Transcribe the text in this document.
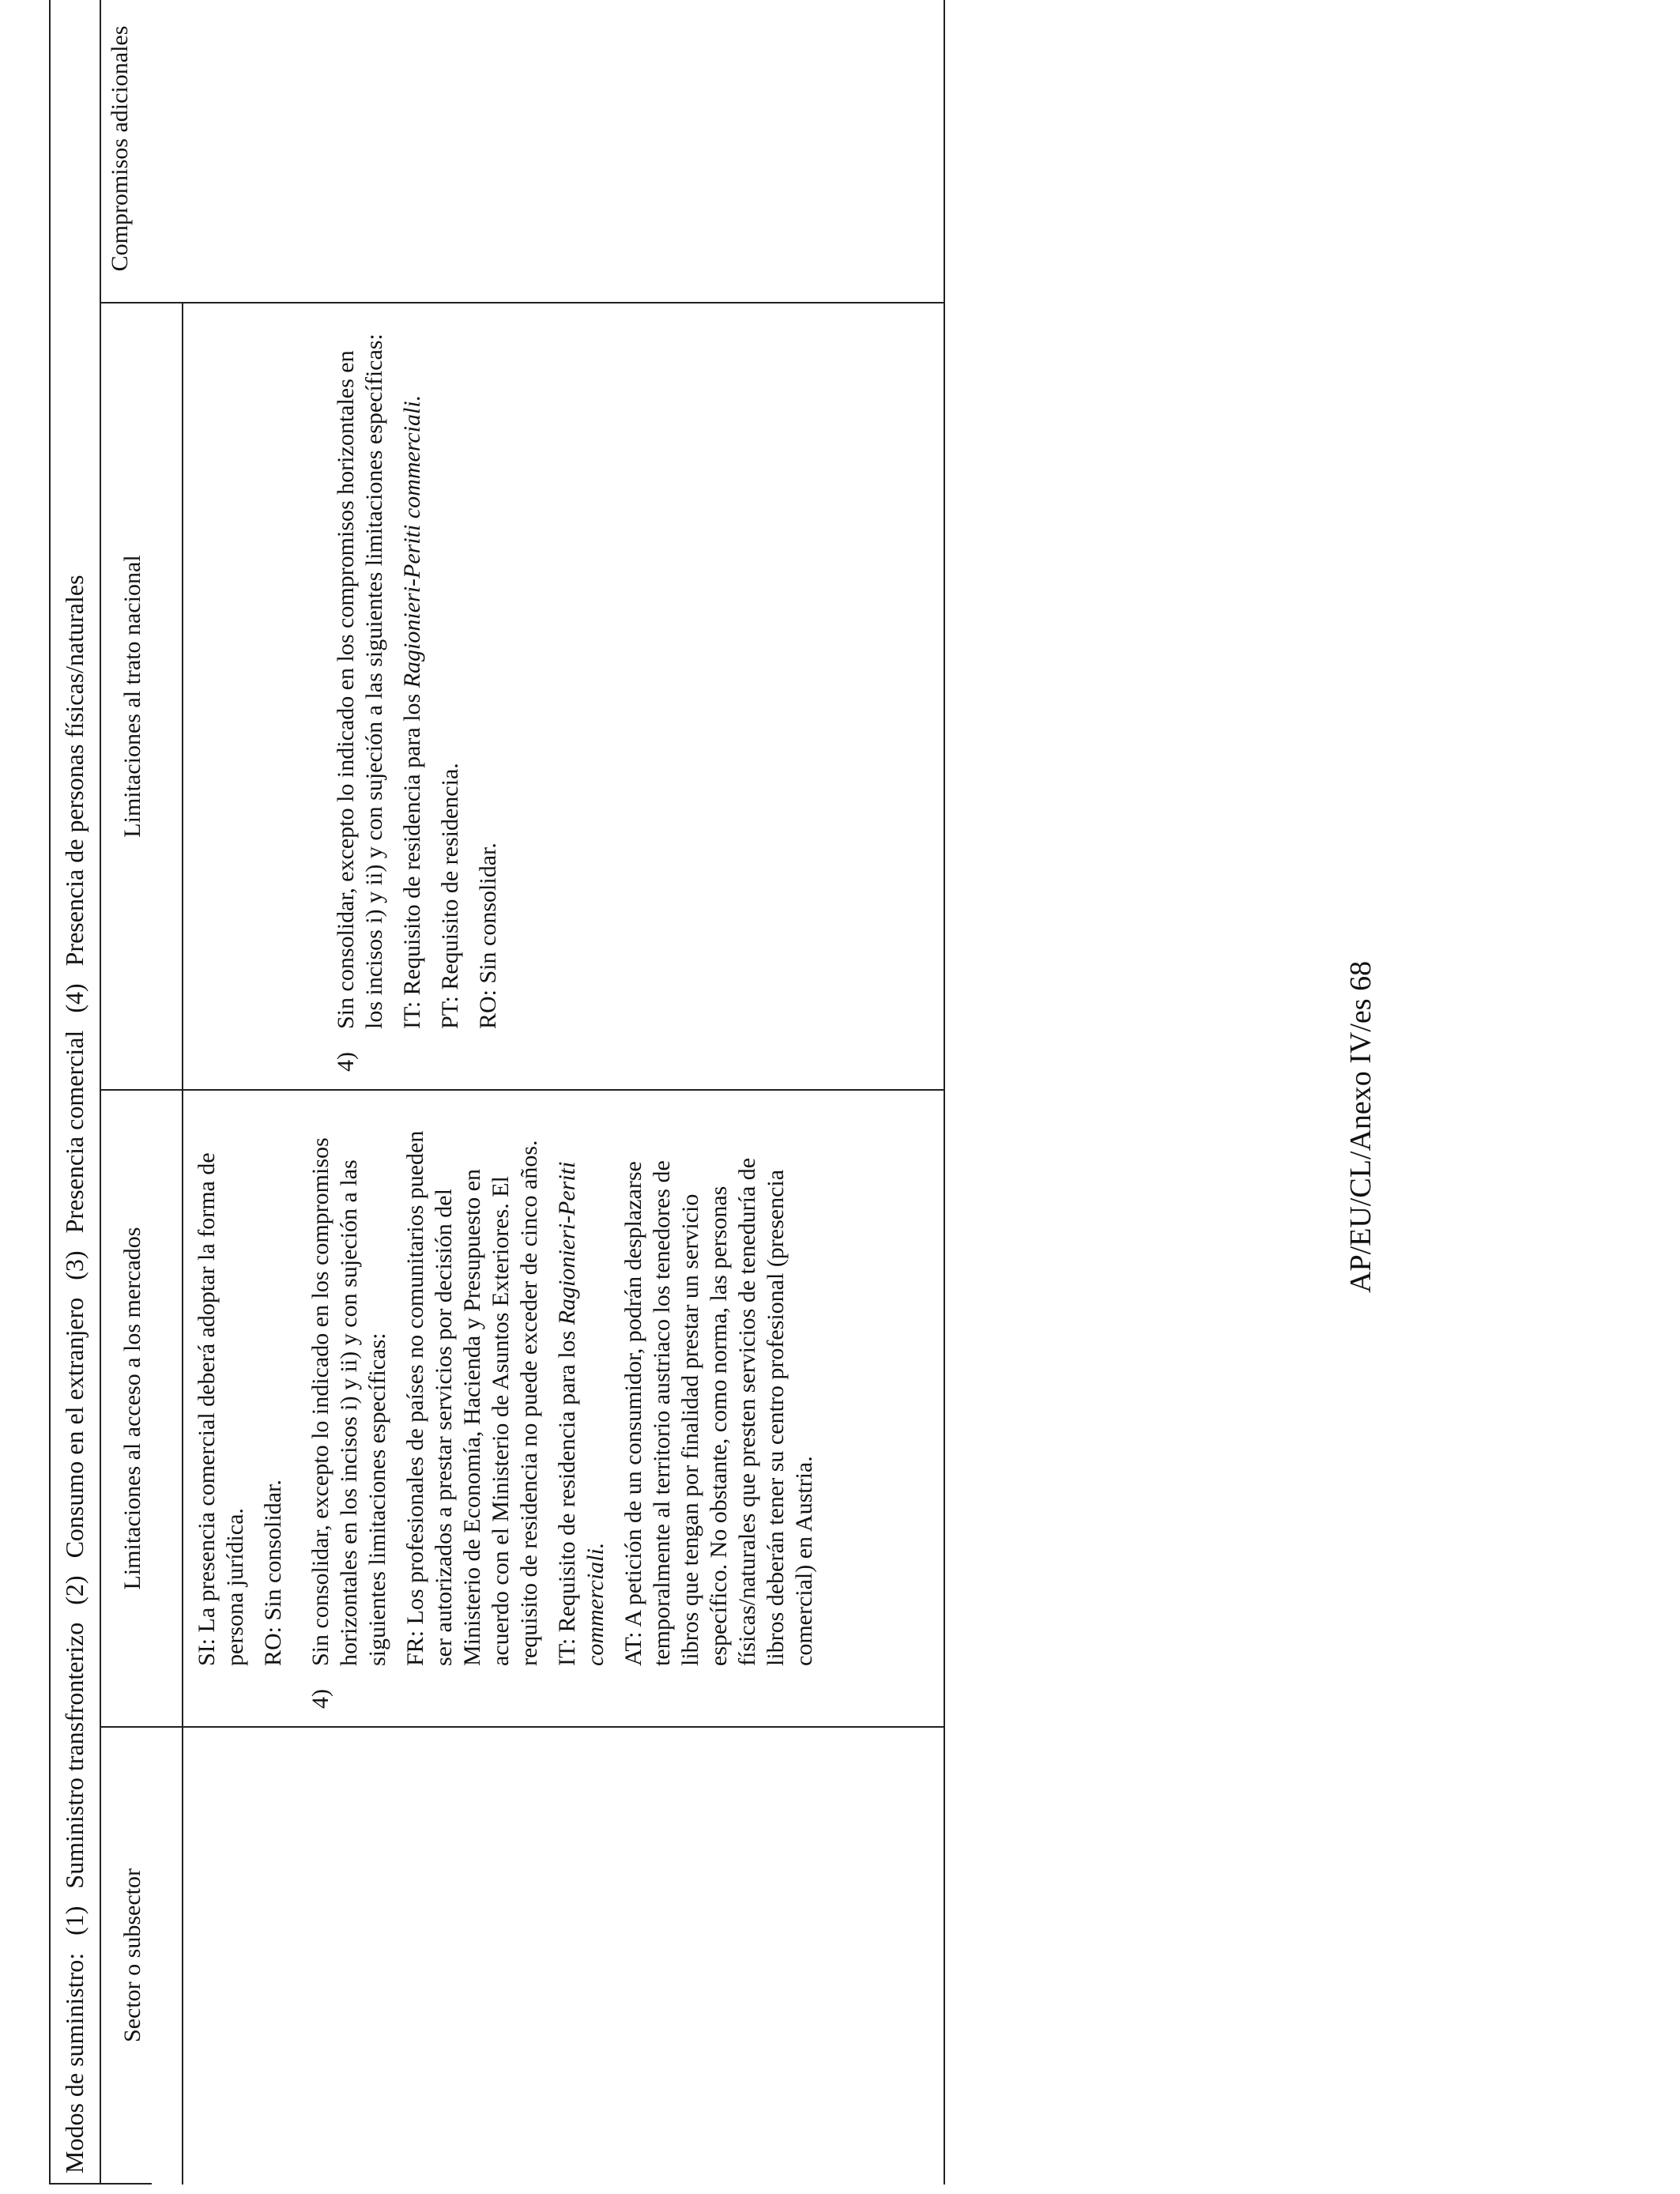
Modos de suministro:
(1)
Suministro transfronterizo
(2)
Consumo en el extranjero
(3)
Presencia comercial
(4)
Presencia de personas físicas/naturales
Sector o subsector
Limitaciones al acceso a los mercados
Limitaciones al trato nacional
Compromisos adicionales

SI: La presencia comercial deberá adoptar la forma de persona jurídica. RO: Sin consolidar.

4)

Sin consolidar, excepto lo indicado en los compromisos horizontales en los incisos i) y ii) y con sujeción a las siguientes limitaciones específicas: FR: Los profesionales de países no comunitarios pueden ser autorizados a prestar servicios por decisión del Ministerio de Economía, Hacienda y Presupuesto en acuerdo con el Ministerio de Asuntos Exteriores. El requisito de residencia no puede exceder de cinco años. IT: Requisito de residencia para los Ragionieri-Periti commerciali. AT: A petición de un consumidor, podrán desplazarse temporalmente al territorio austriaco los tenedores de libros que tengan por finalidad prestar un servicio específico. No obstante, como norma, las personas físicas/naturales que presten servicios de teneduría de libros deberán tener su centro profesional (presencia comercial) en Austria.

4)

Sin consolidar, excepto lo indicado en los compromisos horizontales en los incisos i) y ii) y con sujeción a las siguientes limitaciones específicas: IT: Requisito de residencia para los Ragionieri-Periti commerciali.

PT: Requisito de residencia. RO: Sin consolidar.

AP/EU/CL/Anexo IV/es 68
